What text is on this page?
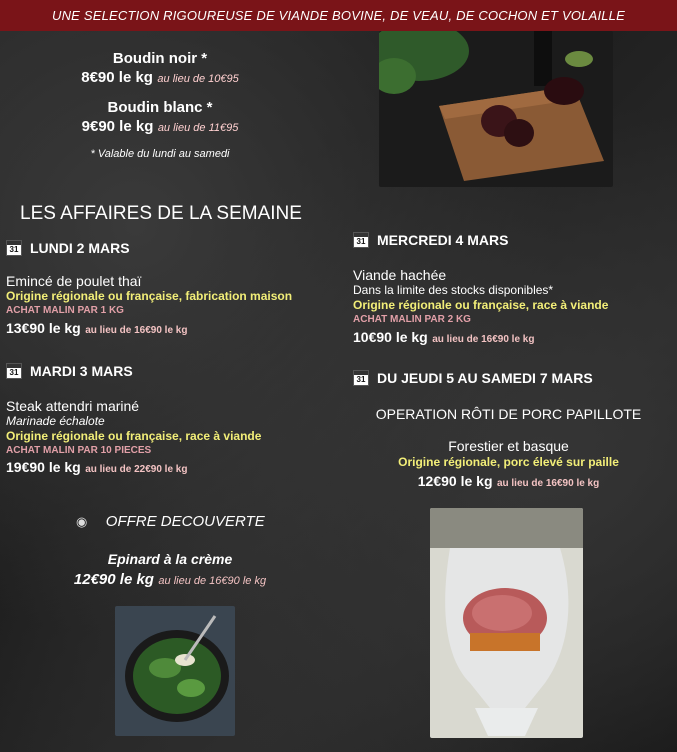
UNE SELECTION RIGOUREUSE DE VIANDE BOVINE, DE VEAU, DE COCHON ET VOLAILLE
Boudin noir *
8€90 le kg au lieu de 10€95
Boudin blanc *
9€90 le kg au lieu de 11€95
* Valable du lundi au samedi
LES AFFAIRES DE LA SEMAINE
31 LUNDI 2 MARS
Emincé de poulet thaï
Origine régionale ou française, fabrication maison
ACHAT MALIN PAR 1 KG
13€90 le kg au lieu de 16€90 le kg
31 MARDI 3 MARS
Steak attendri mariné
Marinade échalote
Origine régionale ou française, race à viande
ACHAT MALIN PAR 10 PIECES
19€90 le kg au lieu de 22€90 le kg
◉ OFFRE DECOUVERTE
Epinard à la crème
12€90 le kg au lieu de 16€90 le kg
31 MERCREDI 4 MARS
Viande hachée
Dans la limite des stocks disponibles*
Origine régionale ou française, race à viande
ACHAT MALIN PAR 2 KG
10€90 le kg au lieu de 16€90 le kg
31 DU JEUDI 5 AU SAMEDI 7 MARS
OPERATION RÔTI DE PORC PAPILLOTE
Forestier et basque
Origine régionale, porc élevé sur paille
12€90 le kg au lieu de 16€90 le kg
